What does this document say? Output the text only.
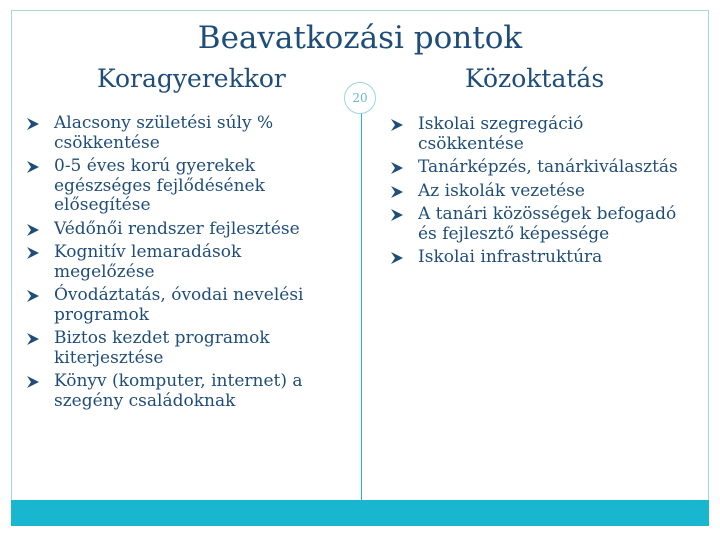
Beavatkozási pontok
Koragyerekkor	Közoktatás
20
Alacsony születési súly % csökkentése
0-5 éves korú gyerekek egészséges fejlődésének elősegítése
Védőnői rendszer fejlesztése
Kognitív lemaradások megelőzése
Óvodáztatás, óvodai nevelési programok
Biztos kezdet programok kiterjesztése
Könyv (komputer, internet) a szegény családoknak
Iskolai szegregáció csökkentése
Tanárképzés, tanárkiválasztás
Az iskolák vezetése
A tanári közösségek befogadó és fejlesztő képessége
Iskolai infrastruktúra
